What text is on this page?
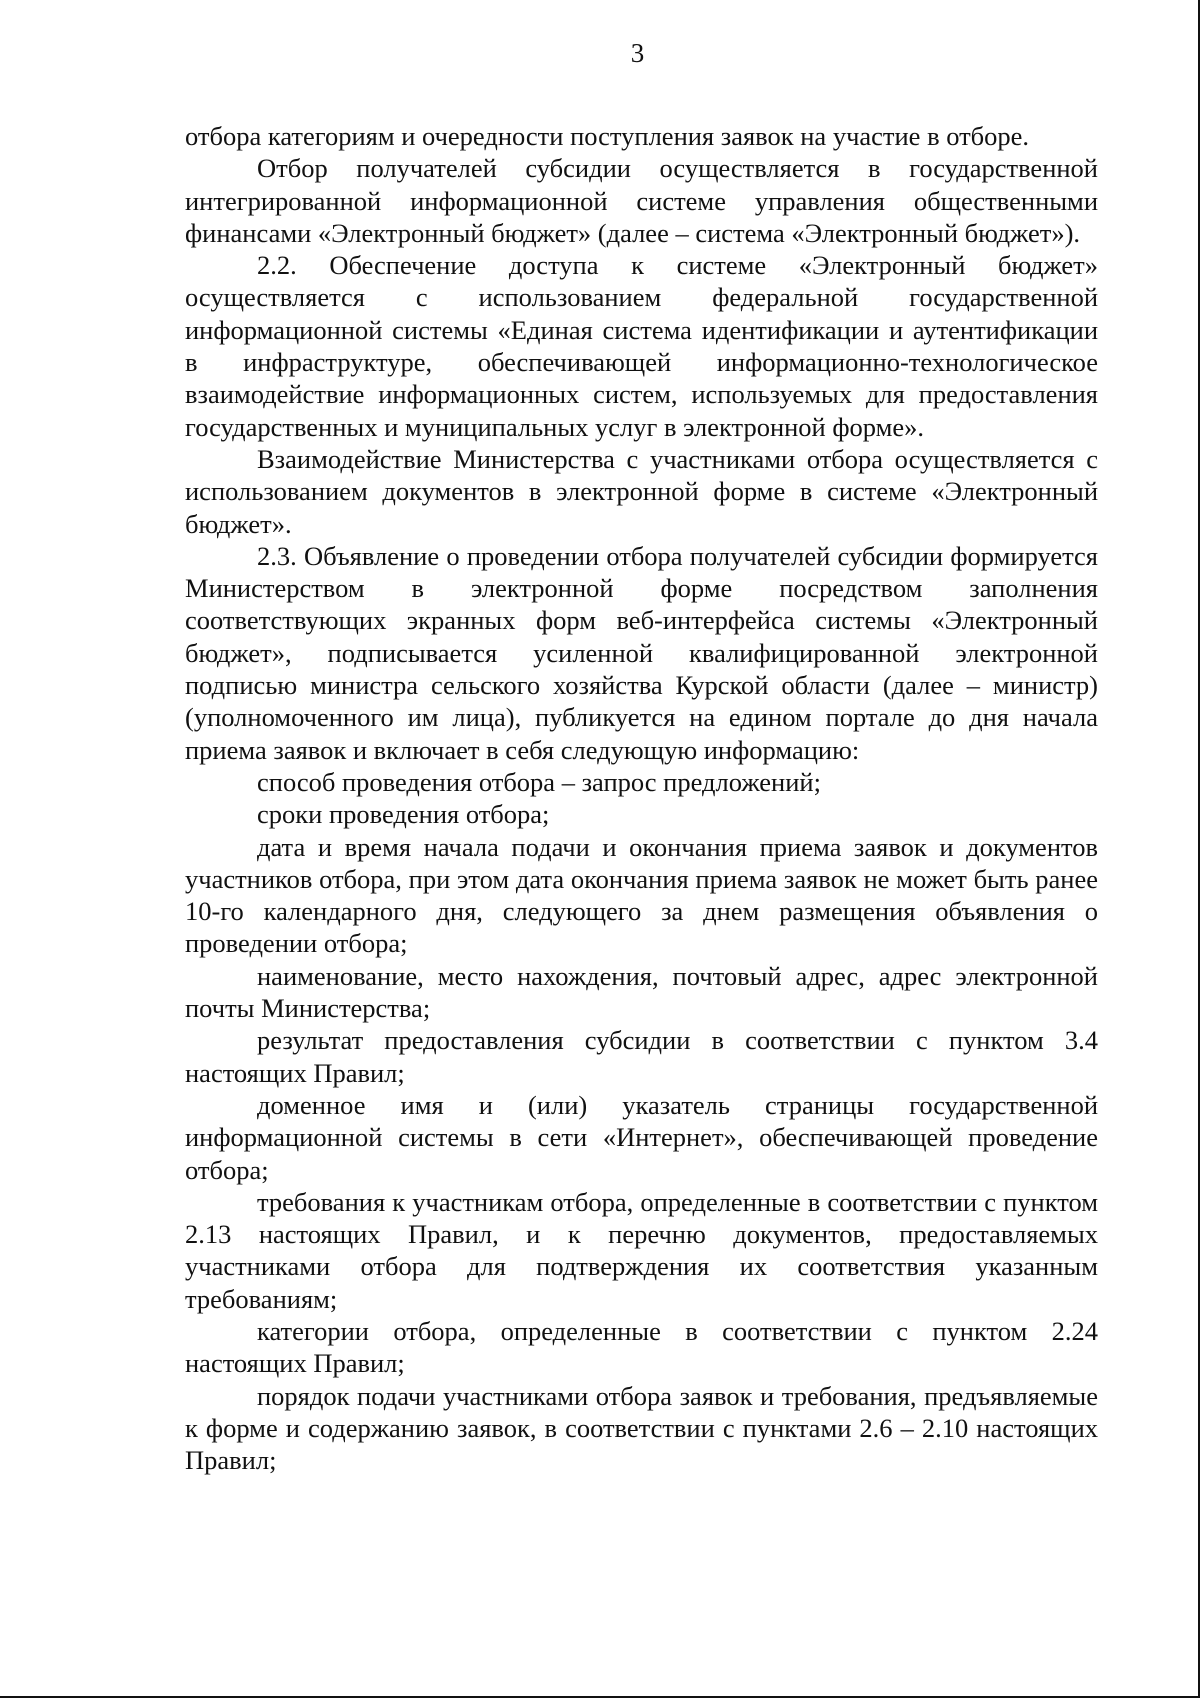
3

отбора категориям и очередности поступления заявок на участие в отборе.

Отбор получателей субсидии осуществляется в государственной интегрированной информационной системе управления общественными финансами «Электронный бюджет» (далее – система «Электронный бюджет»).

2.2. Обеспечение доступа к системе «Электронный бюджет» осуществляется с использованием федеральной государственной информационной системы «Единая система идентификации и аутентификации в инфраструктуре, обеспечивающей информационно-технологическое взаимодействие информационных систем, используемых для предоставления государственных и муниципальных услуг в электронной форме».

Взаимодействие Министерства с участниками отбора осуществляется с использованием документов в электронной форме в системе «Электронный бюджет».

2.3. Объявление о проведении отбора получателей субсидии формируется Министерством в электронной форме посредством заполнения соответствующих экранных форм веб-интерфейса системы «Электронный бюджет», подписывается усиленной квалифицированной электронной подписью министра сельского хозяйства Курской области (далее – министр) (уполномоченного им лица), публикуется на едином портале до дня начала приема заявок и включает в себя следующую информацию:

способ проведения отбора – запрос предложений;

сроки проведения отбора;

дата и время начала подачи и окончания приема заявок и документов участников отбора, при этом дата окончания приема заявок не может быть ранее 10-го календарного дня, следующего за днем размещения объявления о проведении отбора;

наименование, место нахождения, почтовый адрес, адрес электронной почты Министерства;

результат предоставления субсидии в соответствии с пунктом 3.4 настоящих Правил;

доменное имя и (или) указатель страницы государственной информационной системы в сети «Интернет», обеспечивающей проведение отбора;

требования к участникам отбора, определенные в соответствии с пунктом 2.13 настоящих Правил, и к перечню документов, предоставляемых участниками отбора для подтверждения их соответствия указанным требованиям;

категории отбора, определенные в соответствии с пунктом 2.24 настоящих Правил;

порядок подачи участниками отбора заявок и требования, предъявляемые к форме и содержанию заявок, в соответствии с пунктами 2.6 – 2.10 настоящих Правил;
